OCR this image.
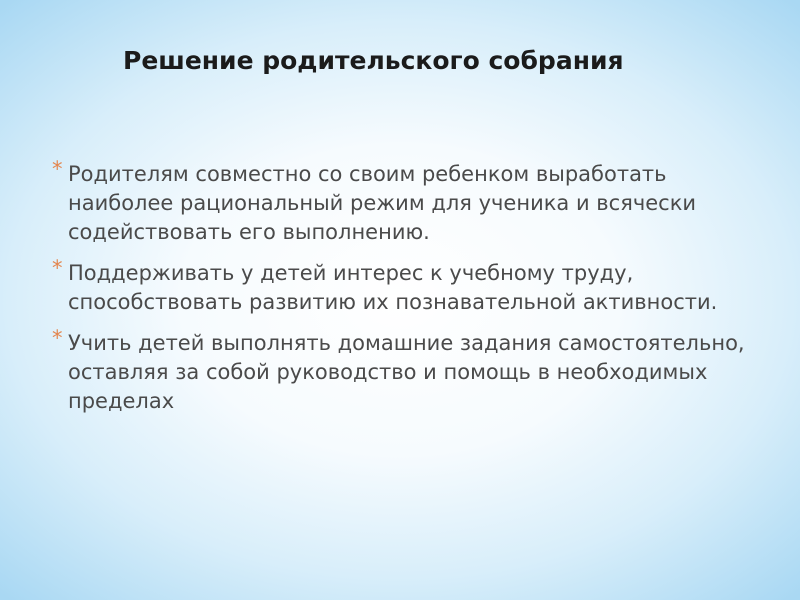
Решение родительского собрания
* Родителям совместно со своим ребенком выработать наиболее рациональный режим для ученика и всячески содействовать его выполнению.
* Поддерживать у детей интерес к учебному труду, способствовать развитию их познавательной активности.
* Учить детей выполнять домашние задания самостоятельно, оставляя за собой руководство и помощь в необходимых пределах
